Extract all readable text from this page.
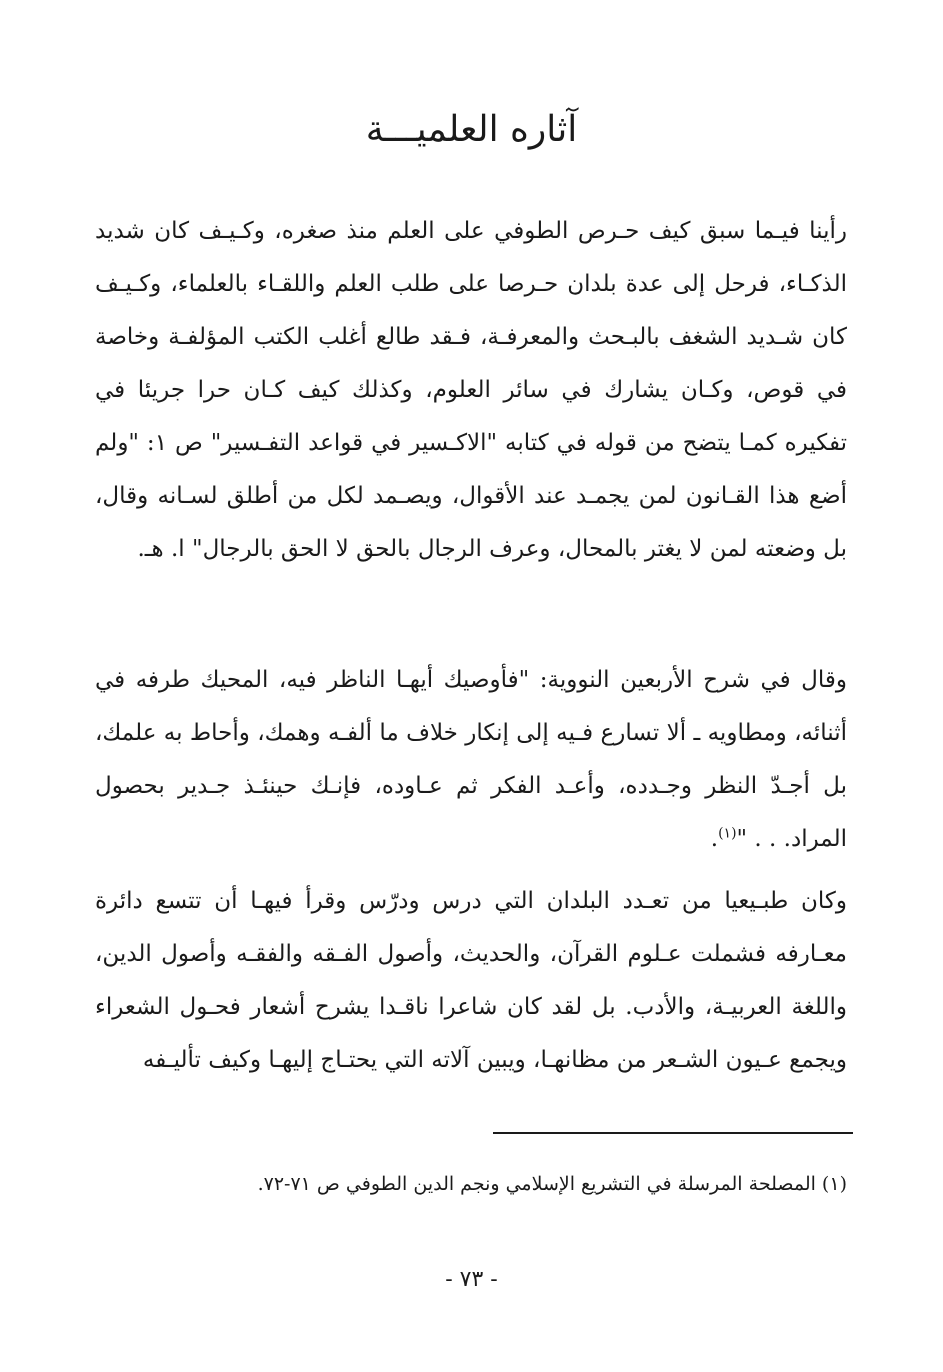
آثاره العلميـــة

رأينا فيـما سبق كيف حـرص الطوفي على العلم منذ صغره، وكـيـف كان شديد الذكـاء، فرحل إلى عدة بلدان حـرصا على طلب العلم واللقـاء بالعلماء، وكـيـف كان شـديد الشغف بالبـحث والمعرفـة، فـقد طالع أغلب الكتب المؤلفـة وخاصة في قوص، وكـان يشارك في سائر العلوم، وكذلك كيف كـان حرا جريئا في تفكيره كمـا يتضح من قوله في كتابه "الاكـسير في قواعد التفـسير" ص ١: "ولم أضع هذا القـانون لمن يجمـد عند الأقوال، ويصـمد لكل من أطلق لسـانه وقال، بل وضعته لمن لا يغتر بالمحال، وعرف الرجال بالحق لا الحق بالرجال" ا. هـ.

وقال في شرح الأربعين النووية: "فأوصيك أيهـا الناظر فيه، المحيك طرفه في أثنائه، ومطاويه ـ ألا تسارع فـيه إلى إنكار خلاف ما ألفـه وهمك، وأحاط به علمك، بل أجـدّ النظر وجـدده، وأعـد الفكر ثم عـاوده، فإنـك حينئـذ جـدير بحصول المراد. . . "$^{(١)}$.

وكان طبـيعيا من تعـدد البلدان التي درس ودرّس وقرأ فيهـا أن تتسع دائرة معـارفه فشملت عـلوم القرآن، والحديث، وأصول الفـقه والفقـه وأصول الدين، واللغة العربيـة، والأدب. بل لقد كان شاعرا ناقـدا يشرح أشعار فحـول الشعراء ويجمع عـيون الشـعر من مظانهـا، ويبين آلاته التي يحتـاج إليهـا وكيف تأليـفه

(١) المصلحة المرسلة في التشريع الإسلامي ونجم الدين الطوفي ص ٧١-٧٢.

- ٧٣ -
